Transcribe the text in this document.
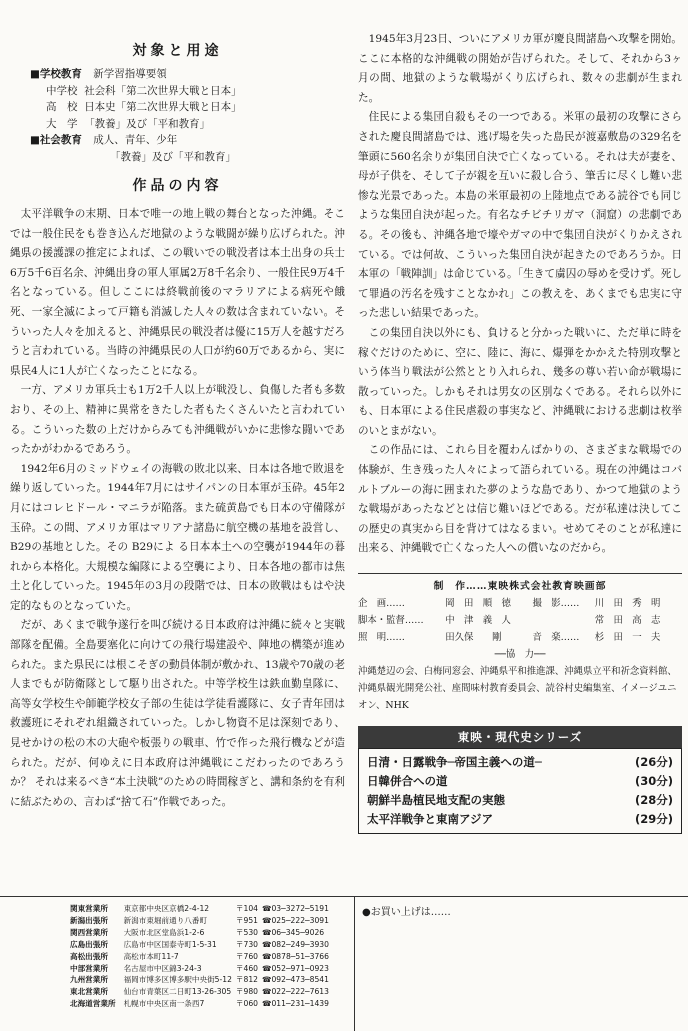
対象と用途
■学校教育 新学習指導要領
中学校 社会科「第二次世界大戦と日本」
高　校 日本史「第二次世界大戦と日本」
大　学 「教養」及び「平和教育」
■社会教育 成人、青年、少年
「教養」及び「平和教育」
作品の内容

太平洋戦争の末期、日本で唯一の地上戦の舞台となった沖縄。そこでは一般住民をも巻き込んだ地獄のような戦闘が繰り広げられた。沖縄県の援護課の推定によれば、この戦いでの戦没者は本土出身の兵士6万5千6百名余、沖縄出身の軍人軍属2万8千名余り、一般住民9万4千名となっている。但しここには終戦前後のマラリアによる病死や餓死、一家全滅によって戸籍も消滅した人々の数は含まれていない。そういった人々を加えると、沖縄県民の戦没者は優に15万人を越すだろうと言われている。当時の沖縄県民の人口が約60万であるから、実に県民4人に1人が亡くなったことになる。

一方、アメリカ軍兵士も1万2千人以上が戦没し、負傷した者も多数おり、その上、精神に異常をきたした者もたくさんいたと言われている。こういった数の上だけからみても沖縄戦がいかに悲惨な闘いであったかがわかるであろう。

1942年6月のミッドウェイの海戦の敗北以来、日本は各地で敗退を繰り返していった。1944年7月にはサイパンの日本軍が玉砕。45年2月にはコレヒドール・マニラが陥落。また硫黄島でも日本の守備隊が玉砕。この間、アメリカ軍はマリアナ諸島に航空機の基地を設営し、B29の基地とした。その B29によ る日本本土への空襲が1944年の暮れから本格化。大規模な編隊による空襲により、日本各地の都市は焦土と化していった。1945年の3月の段階では、日本の敗戦はもはや決定的なものとなっていた。

だが、あくまで戦争遂行を叫び続ける日本政府は沖縄に続々と実戦部隊を配備。全島要塞化に向けての飛行場建設や、陣地の構築が進められた。また県民には根こそぎの動員体制が敷かれ、13歳や70歳の老人までもが防衛隊として駆り出された。中等学校生は鉄血勤皇隊に、高等女学校生や師範学校女子部の生徒は学徒看護隊に、女子青年団は救護班にそれぞれ組織されていった。しかし物資不足は深刻であり、見せかけの松の木の大砲や板張りの戦車、竹で作った飛行機などが造られた。だが、何ゆえに日本政府は沖縄戦にこだわったのであろうか？ それは来るべき“本土決戦”のための時間稼ぎと、講和条約を有利に結ぶための、言わば“捨て石”作戦であった。

1945年3月23日、ついにアメリカ軍が慶良間諸島へ攻撃を開始。ここに本格的な沖縄戦の開始が告げられた。そして、それから3ヶ月の間、地獄のような戦場がくり広げられ、数々の悲劇が生まれた。

住民による集団自殺もその一つである。米軍の最初の攻撃にさらされた慶良間諸島では、逃げ場を失った島民が渡嘉敷島の329名を筆頭に560名余りが集団自決で亡くなっている。それは夫が妻を、母が子供を、そして子が親を互いに殺し合う、筆舌に尽くし難い悲惨な光景であった。本島の米軍最初の上陸地点である読谷でも同じような集団自決が起った。有名なチビチリガマ（洞窟）の悲劇である。その後も、沖縄各地で壕やガマの中で集団自決がくりかえされている。では何故、こういった集団自決が起きたのであろうか。日本軍の「戦陣訓」は命じている。「生きて虜囚の辱めを受けず。死して罪過の汚名を残すことなかれ」この教えを、あくまでも忠実に守った悲しい結果であった。

この集団自決以外にも、負けると分かった戦いに、ただ単に時を稼ぐだけのために、空に、陸に、海に、爆弾をかかえた特別攻撃という体当り戦法が公然ととり入れられ、幾多の尊い若い命が戦場に散っていった。しかもそれは男女の区別なくである。それら以外にも、日本軍による住民虐殺の事実など、沖縄戦における悲劇は枚挙のいとまがない。

この作品には、これら目を覆わんばかりの、さまざまな戦場での体験が、生き残った人々によって語られている。現在の沖縄はコバルトブルーの海に囲まれた夢のような島であり、かつて地獄のような戦場があったなどとは信じ難いほどである。だが私達は決してこの歴史の真実から目を背けてはなるまい。せめてそのことが私達に出来る、沖縄戦で亡くなった人への償いなのだから。

制　作……東映株式会社教育映画部
企　画……	岡　田　順　徳	撮　影……	川　田　秀　明
脚本・監督……	中　津　義　人		常　田　高　志
照　明……	田久保　　剛	音　楽……	杉　田　一　夫
──協　力──
沖縄楚辺の会、白梅同窓会、沖縄県平和推進課、沖縄県立平和祈念資料館、沖縄県観光開発公社、座間味村教育委員会、読谷村史編集室、イメージユニオン、NHK
東映・現代史シリーズ
日清・日露戦争─帝国主義への道─	(26分)
日韓併合への道	(30分)
朝鮮半島植民地支配の実態	(28分)
太平洋戦争と東南アジア	(29分)
関東営業所	東京都中央区京橋2-4-12	〒104	☎03─3272─5191
新潟出張所	新潟市東堀前通り八番町	〒951	☎025─222─3091
関西営業所	大阪市北区堂島浜1-2-6	〒530	☎06─345─9026
広島出張所	広島市中区国泰寺町1-5-31	〒730	☎082─249─3930
高松出張所	高松市本町11-7	〒760	☎0878─51─3766
中部営業所	名古屋市中区錦3-24-3	〒460	☎052─971─0923
九州営業所	福岡市博多区博多駅中央街5-12	〒812	☎092─473─8541
東北営業所	仙台市青葉区二日町13-26-305	〒980	☎022─222─7613
北海道営業所	札幌市中央区南一条西7	〒060	☎011─231─1439
●お買い上げは……
